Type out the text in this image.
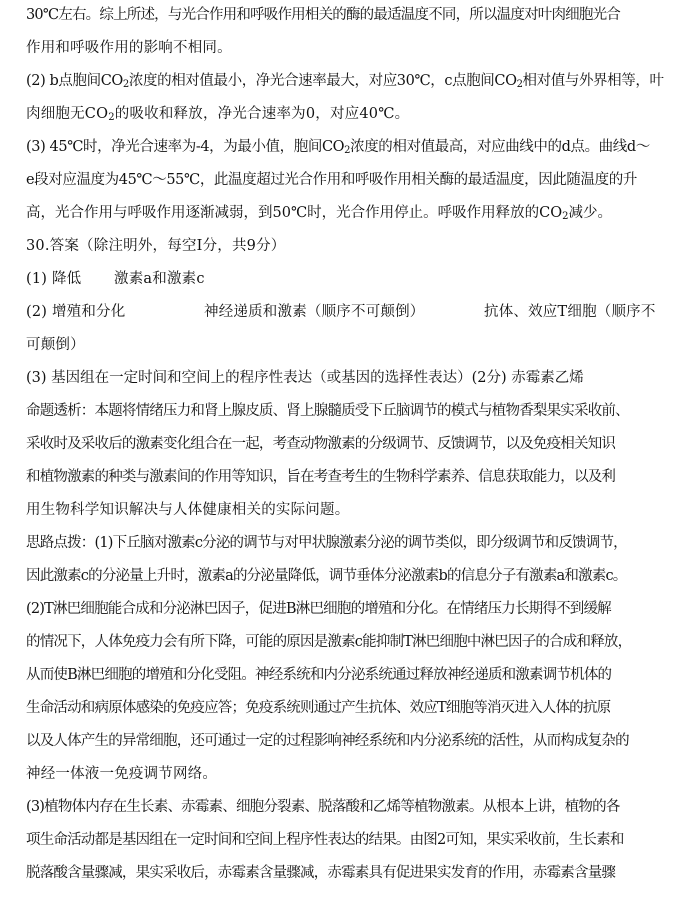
30℃左右。综上所述，与光合作用和呼吸作用相关的酶的最适温度不同，所以温度对叶肉细胞光合
作用和呼吸作用的影响不相同。
(2) b点胞间$CO_2$浓度的相对值最小，净光合速率最大，对应30℃，c点胞间$CO_2$相对值与外界相等，叶
肉细胞无$CO_2$的吸收和释放，净光合速率为0，对应40℃。
(3) 45℃时，净光合速率为-4，为最小值，胞间$CO_2$浓度的相对值最高，对应曲线中的d点。曲线d～
e段对应温度为45℃～55℃，此温度超过光合作用和呼吸作用相关酶的最适温度，因此随温度的升
高，光合作用与呼吸作用逐渐减弱，到50℃时，光合作用停止。呼吸作用释放的$CO_2$减少。
30.答案（除注明外，每空I分，共9分）
(1) 降低 激素a和激素c
(2) 增殖和分化	神经递质和激素（顺序不可颠倒）	抗体、效应T细胞（顺序不
可颠倒）
(3) 基因组在一定时间和空间上的程序性表达（或基因的选择性表达）(2分) 赤霉素乙烯
命题透析：本题将情绪压力和肾上腺皮质、肾上腺髓质受下丘脑调节的模式与植物香梨果实采收前、
采收时及采收后的激素变化组合在一起，考查动物激素的分级调节、反馈调节，以及免疫相关知识
和植物激素的种类与激素间的作用等知识，旨在考查考生的生物科学素养、信息获取能力，以及利
用生物科学知识解决与人体健康相关的实际问题。
思路点拨：(1)下丘脑对激素c分泌的调节与对甲状腺激素分泌的调节类似，即分级调节和反馈调节，
因此激素c的分泌量上升时，激素a的分泌量降低，调节垂体分泌激素b的信息分子有激素a和激素c。
(2)T淋巴细胞能合成和分泌淋巴因子，促进B淋巴细胞的增殖和分化。在情绪压力长期得不到缓解
的情况下，人体免疫力会有所下降，可能的原因是激素c能抑制T淋巴细胞中淋巴因子的合成和释放，
从而使B淋巴细胞的增殖和分化受阻。神经系统和内分泌系统通过释放神经递质和激素调节机体的
生命活动和病原体感染的免疫应答；免疫系统则通过产生抗体、效应T细胞等消灭进入人体的抗原
以及人体产生的异常细胞，还可通过一定的过程影响神经系统和内分泌系统的活性，从而构成复杂的
神经一体液一免疫调节网络。
(3)植物体内存在生长素、赤霉素、细胞分裂素、脱落酸和乙烯等植物激素。从根本上讲，植物的各
项生命活动都是基因组在一定时间和空间上程序性表达的结果。由图2可知，果实采收前，生长素和
脱落酸含量骤减，果实采收后，赤霉素含量骤减，赤霉素具有促进果实发育的作用，赤霉素含量骤
